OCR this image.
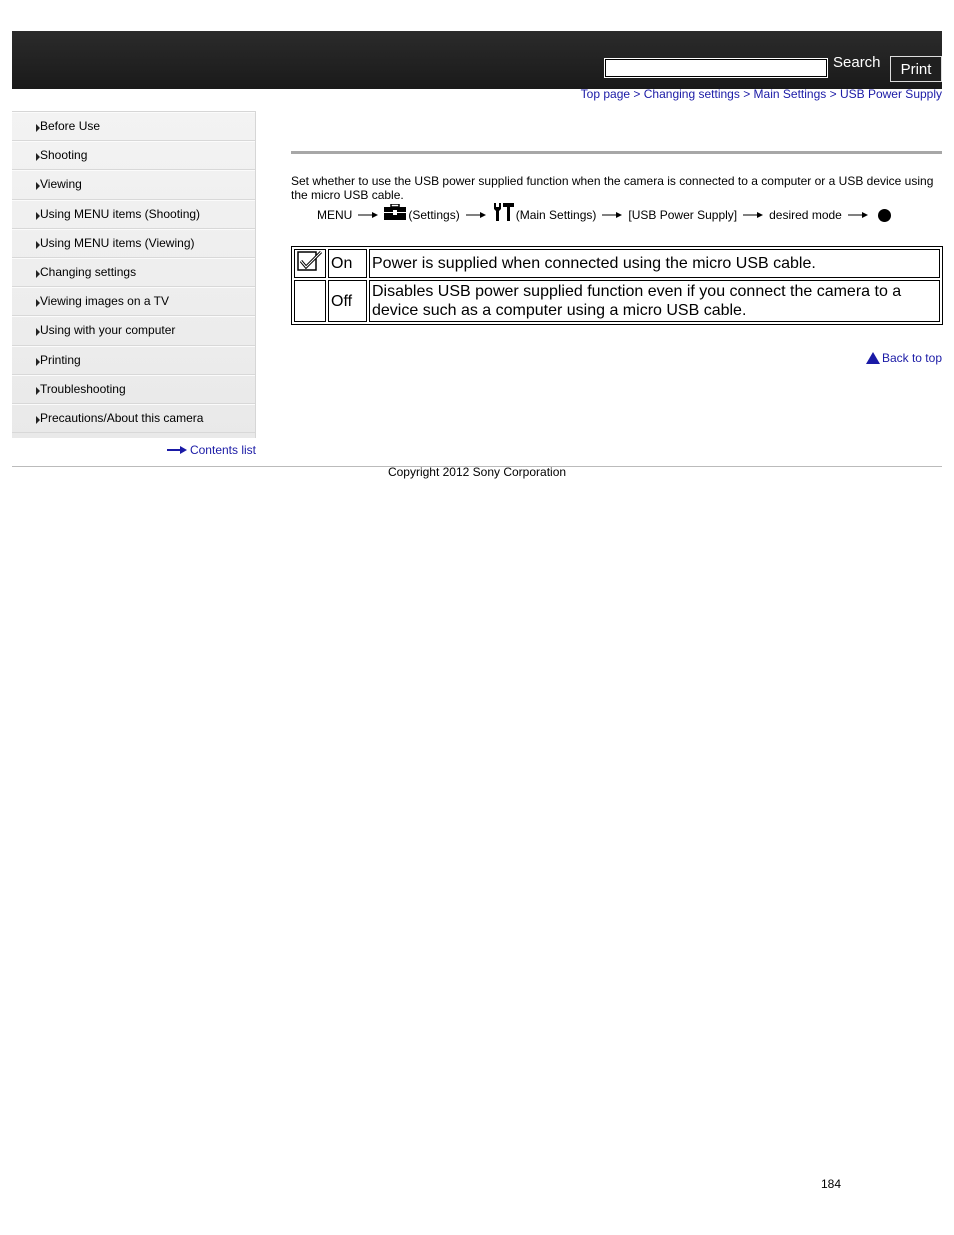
Search	Print
Top page > Changing settings > Main Settings > USB Power Supply
Before Use
Shooting
Viewing
Using MENU items (Shooting)
Using MENU items (Viewing)
Changing settings
Viewing images on a TV
Using with your computer
Printing
Troubleshooting
Precautions/About this camera
Contents list
Set whether to use the USB power supplied function when the camera is connected to a computer or a USB device using the micro USB cable.
MENU	(Settings)	(Main Settings)	[USB Power Supply]	desired mode
	On	Power is supplied when connected using the micro USB cable.
	Off	Disables USB power supplied function even if you connect the camera to a device such as a computer using a micro USB cable.
Back to top
Copyright 2012 Sony Corporation
184
